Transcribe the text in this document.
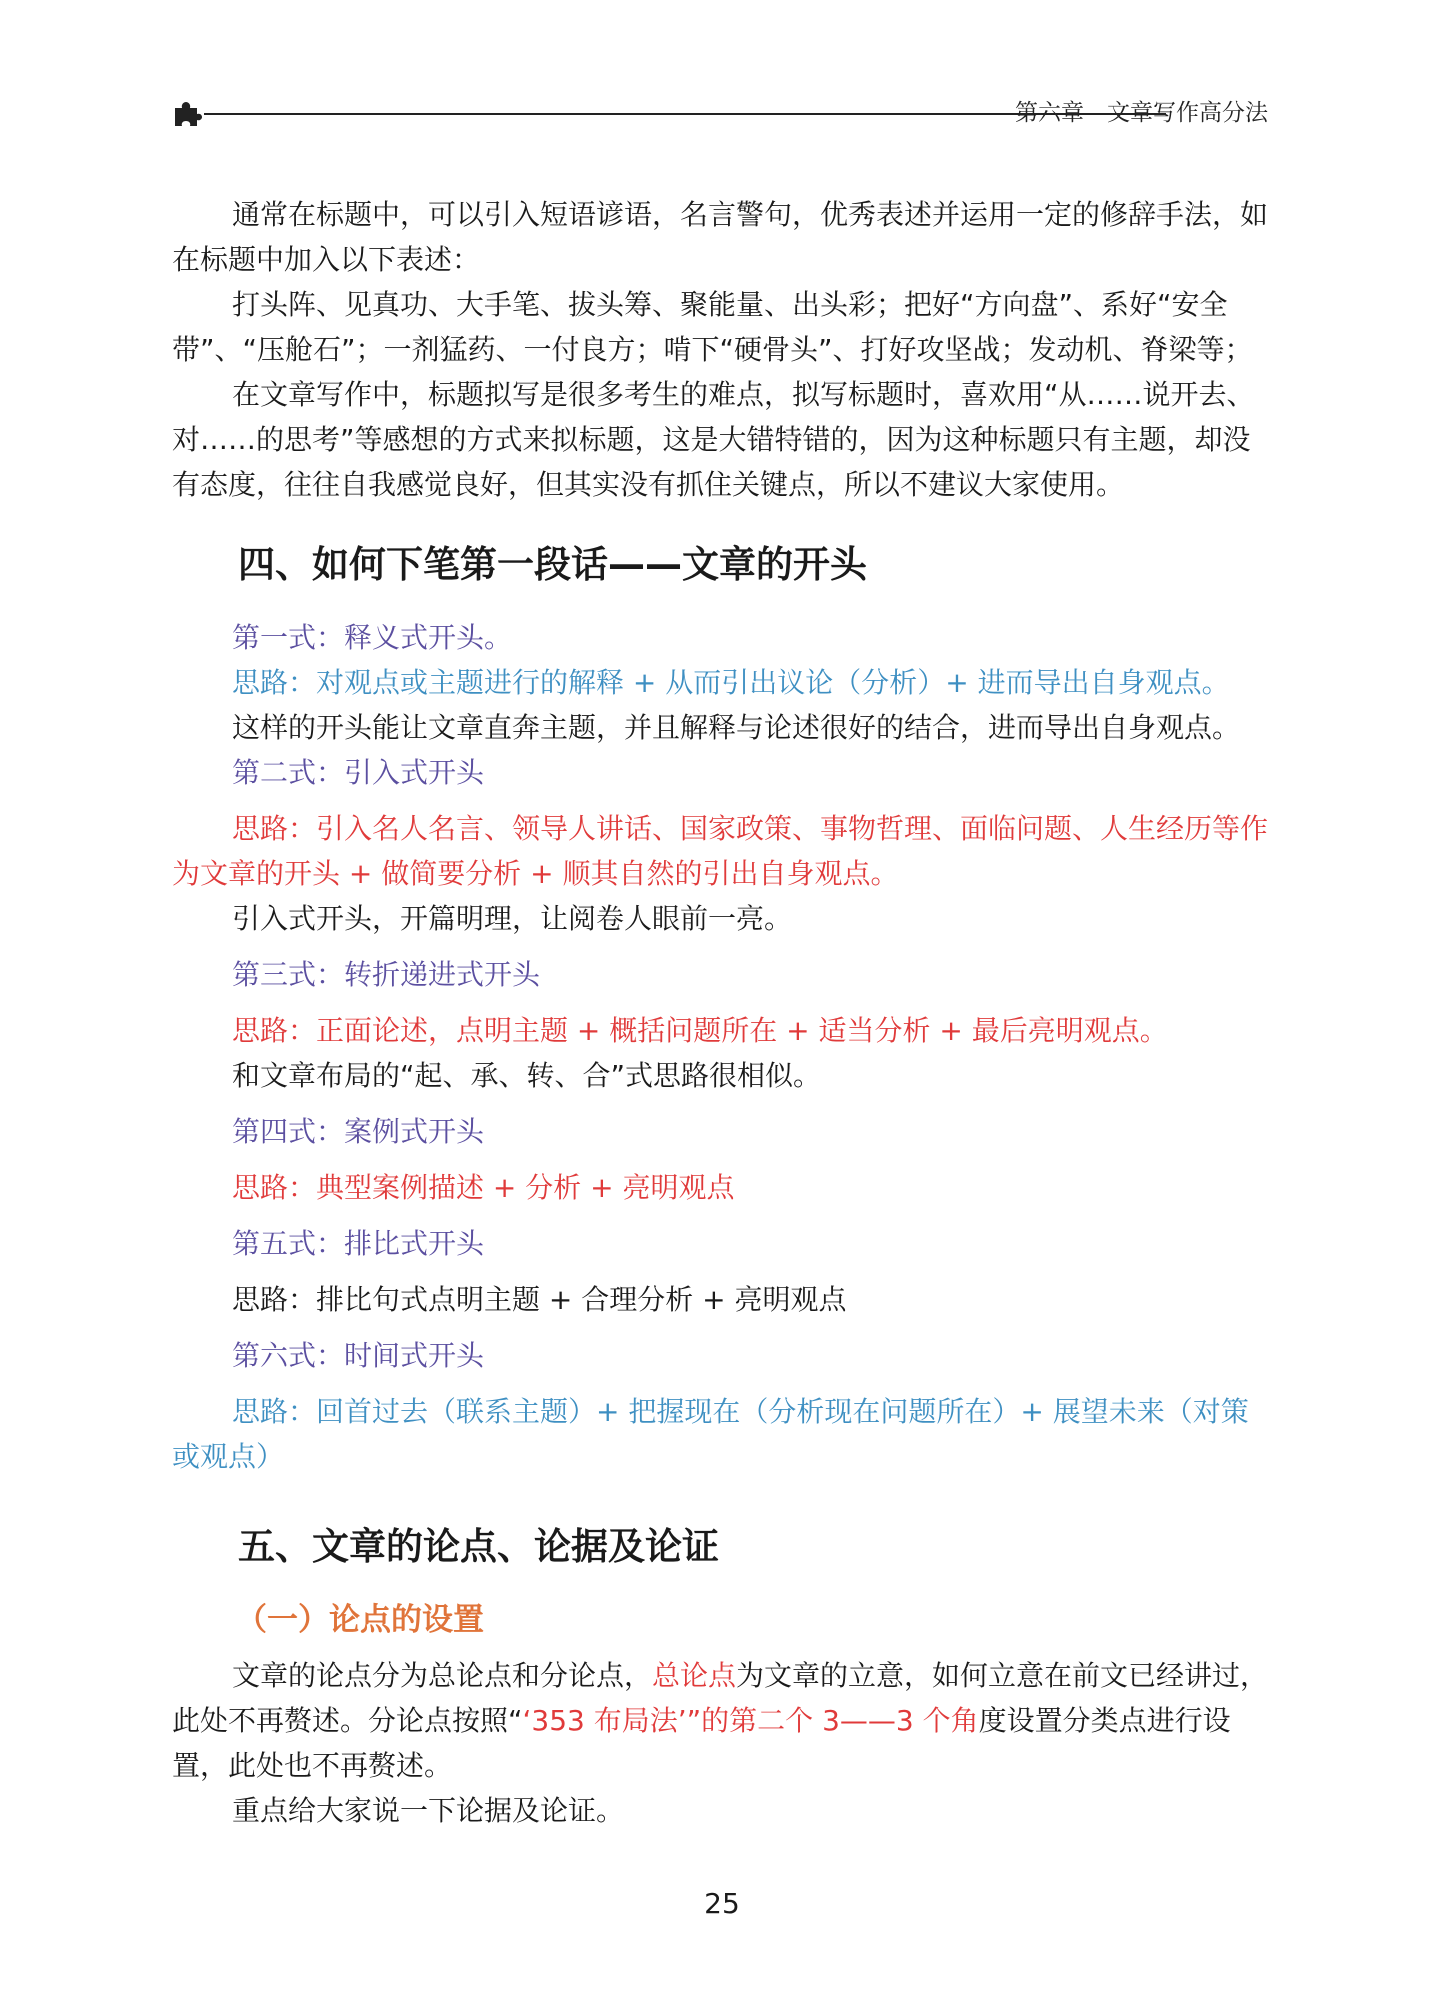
第六章　文章写作高分法

通常在标题中，可以引入短语谚语，名言警句，优秀表述并运用一定的修辞手法，如在标题中加入以下表述：

打头阵、见真功、大手笔、拔头筹、聚能量、出头彩；把好“方向盘”、系好“安全带”、“压舱石”；一剂猛药、一付良方；啃下“硬骨头”、打好攻坚战；发动机、脊梁等；

在文章写作中，标题拟写是很多考生的难点，拟写标题时，喜欢用“从……说开去、对……的思考”等感想的方式来拟标题，这是大错特错的，因为这种标题只有主题，却没有态度，往往自我感觉良好，但其实没有抓住关键点，所以不建议大家使用。

四、如何下笔第一段话——文章的开头

第一式：释义式开头。

思路：对观点或主题进行的解释 + 从而引出议论（分析）+ 进而导出自身观点。

这样的开头能让文章直奔主题，并且解释与论述很好的结合，进而导出自身观点。

第二式：引入式开头

思路：引入名人名言、领导人讲话、国家政策、事物哲理、面临问题、人生经历等作为文章的开头 + 做简要分析 + 顺其自然的引出自身观点。

引入式开头，开篇明理，让阅卷人眼前一亮。

第三式：转折递进式开头

思路：正面论述，点明主题 + 概括问题所在 + 适当分析 + 最后亮明观点。

和文章布局的“起、承、转、合”式思路很相似。

第四式：案例式开头

思路：典型案例描述 + 分析 + 亮明观点

第五式：排比式开头

思路：排比句式点明主题 + 合理分析 + 亮明观点

第六式：时间式开头

思路：回首过去（联系主题）+ 把握现在（分析现在问题所在）+ 展望未来（对策或观点）

五、文章的论点、论据及论证
（一）论点的设置

文章的论点分为总论点和分论点，总论点为文章的立意，如何立意在前文已经讲过，此处不再赘述。分论点按照“‘353 布局法’”的第二个 3——3 个角度设置分类点进行设置，此处也不再赘述。

重点给大家说一下论据及论证。

25
